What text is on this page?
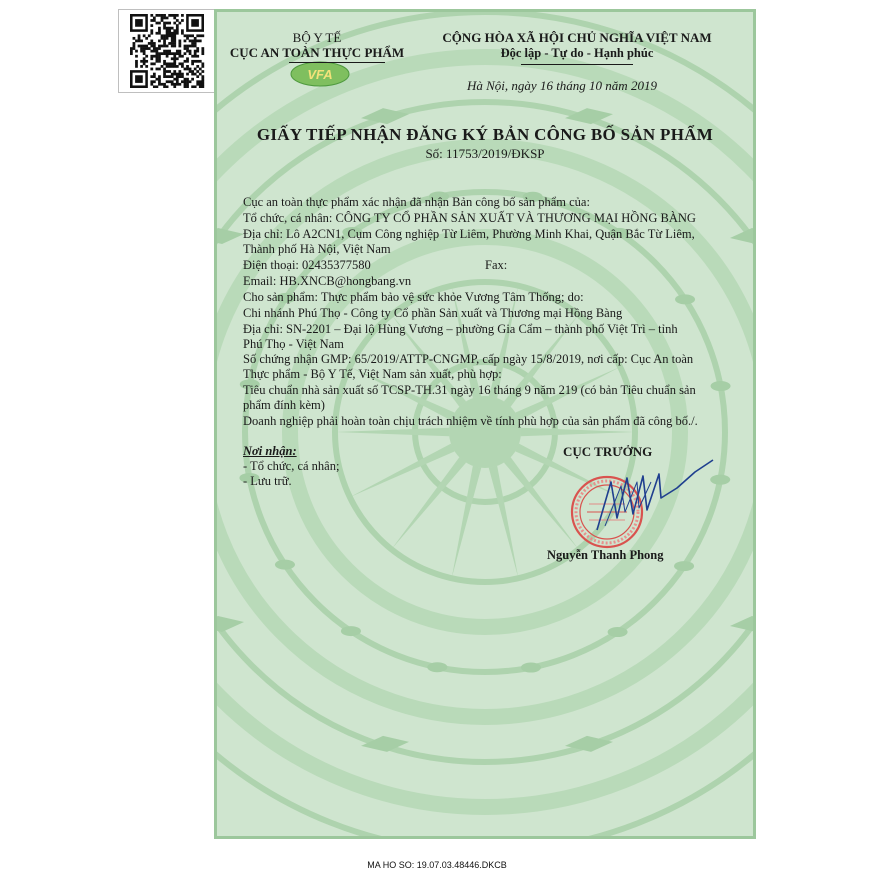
BỘ Y TẾ
CỤC AN TOÀN THỰC PHẨM
VFA
CỘNG HÒA XÃ HỘI CHỦ NGHĨA VIỆT NAM
Độc lập - Tự do - Hạnh phúc
Hà Nội, ngày 16 tháng 10 năm 2019
GIẤY TIẾP NHẬN ĐĂNG KÝ BẢN CÔNG BỐ SẢN PHẨM
Số: 11753/2019/ĐKSP
Cục an toàn thực phẩm xác nhận đã nhận Bản công bố sản phẩm của:
Tổ chức, cá nhân: CÔNG TY CỔ PHẦN SẢN XUẤT VÀ THƯƠNG MẠI HỒNG BÀNG
Địa chỉ: Lô A2CN1, Cụm Công nghiệp Từ Liêm, Phường Minh Khai, Quận Bắc Từ Liêm,
Thành phố Hà Nội, Việt Nam
Điện thoại: 02435377580	Fax:
Email: HB.XNCB@hongbang.vn
Cho sản phẩm: Thực phẩm bảo vệ sức khỏe Vương Tâm Thống; do:
Chi nhánh Phú Thọ - Công ty Cổ phần Sản xuất và Thương mại Hồng Bàng
Địa chỉ: SN-2201 – Đại lộ Hùng Vương – phường Gia Cẩm – thành phố Việt Trì – tỉnh
Phú Thọ - Việt Nam
Số chứng nhận GMP: 65/2019/ATTP-CNGMP, cấp ngày 15/8/2019, nơi cấp: Cục An toàn
Thực phẩm - Bộ Y Tế, Việt Nam sản xuất, phù hợp:
Tiêu chuẩn nhà sản xuất số TCSP-TH.31 ngày 16 tháng 9 năm 219 (có bản Tiêu chuẩn sản
phẩm đính kèm)
Doanh nghiệp phải hoàn toàn chịu trách nhiệm về tính phù hợp của sản phẩm đã công bố./.
Nơi nhận:
- Tổ chức, cá nhân;
- Lưu trữ.
CỤC TRƯỞNG
Nguyễn Thanh Phong
MA HO SO: 19.07.03.48446.DKCB
